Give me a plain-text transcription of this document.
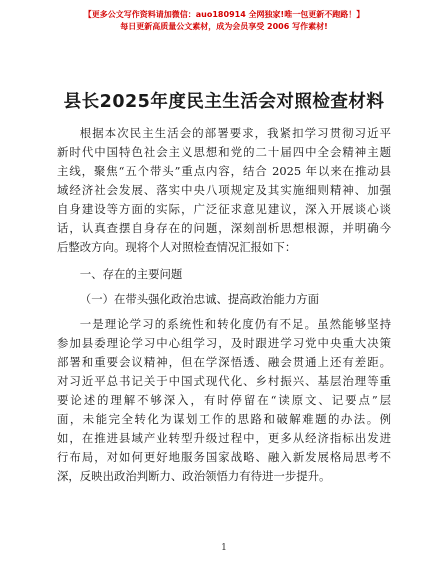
【更多公文写作资料请加微信：auo180914 全网独家!唯一包更新不跑路！】
每日更新高质量公文素材，成为会员享受 2006 写作素材!
县长2025年度民主生活会对照检查材料

根据本次民主生活会的部署要求，我紧扣学习贯彻习近平

新时代中国特色社会主义思想和党的二十届四中全会精神主题

主线，聚焦“五个带头”重点内容，结合 2025 年以来在推动县

域经济社会发展、落实中央八项规定及其实施细则精神、加强

自身建设等方面的实际，广泛征求意见建议，深入开展谈心谈

话，认真查摆自身存在的问题，深刻剖析思想根源，并明确今

后整改方向。现将个人对照检查情况汇报如下：

一、存在的主要问题

（一）在带头强化政治忠诚、提高政治能力方面

一是理论学习的系统性和转化度仍有不足。虽然能够坚持

参加县委理论学习中心组学习，及时跟进学习党中央重大决策

部署和重要会议精神，但在学深悟透、融会贯通上还有差距。

对习近平总书记关于中国式现代化、乡村振兴、基层治理等重

要论述的理解不够深入，有时停留在“读原文、记要点”层

面，未能完全转化为谋划工作的思路和破解难题的办法。例

如，在推进县域产业转型升级过程中，更多从经济指标出发进

行布局，对如何更好地服务国家战略、融入新发展格局思考不

深，反映出政治判断力、政治领悟力有待进一步提升。

1
